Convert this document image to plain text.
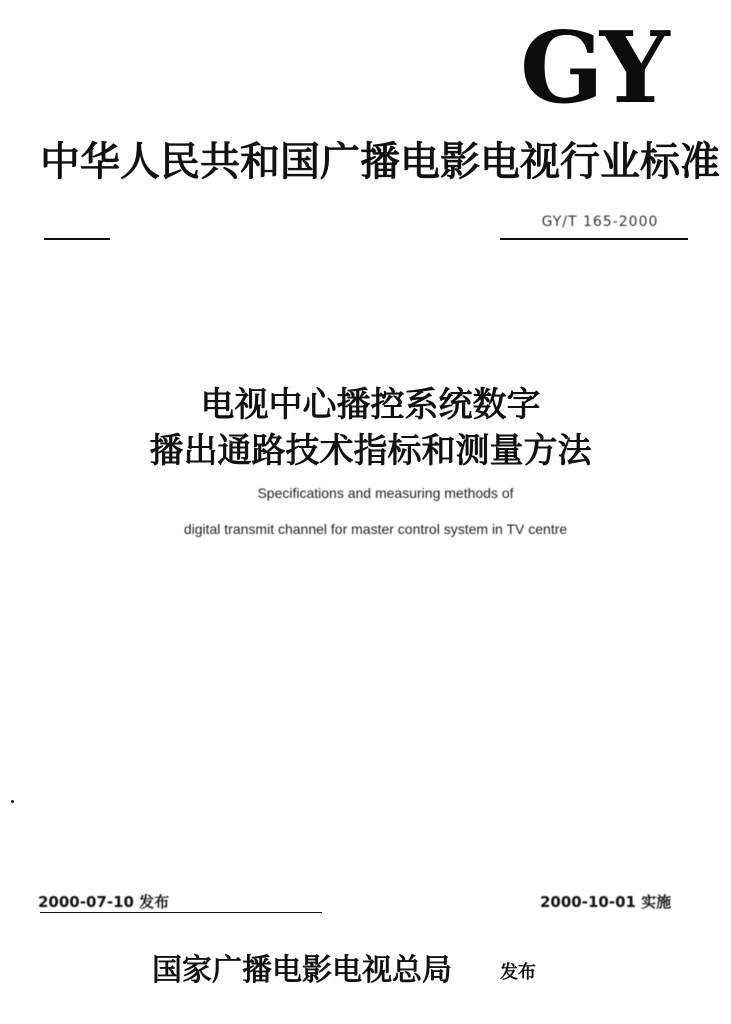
GY
中华人民共和国广播电影电视行业标准
GY/T 165-2000
电视中心播控系统数字
播出通路技术指标和测量方法
Specifications and measuring methods of
digital transmit channel for master control system in TV centre
2000-07-10 发布	2000-10-01 实施
国家广播电影电视总局	发布
